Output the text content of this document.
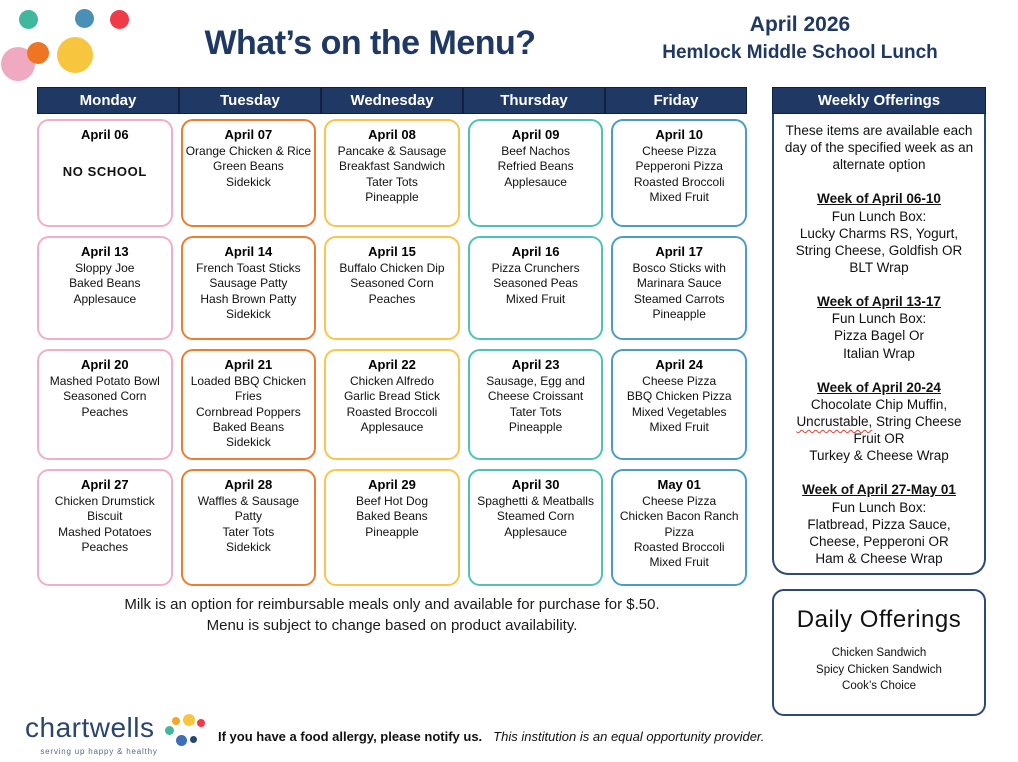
What’s on the Menu?	April 2026
Hemlock Middle School Lunch
Monday	Tuesday	Wednesday	Thursday	Friday
April 06
NO SCHOOL
April 07
Orange Chicken & Rice
Green Beans
Sidekick
April 08
Pancake & Sausage Breakfast Sandwich
Tater Tots
Pineapple
April 09
Beef Nachos
Refried Beans
Applesauce
April 10
Cheese Pizza
Pepperoni Pizza
Roasted Broccoli
Mixed Fruit
April 13
Sloppy Joe
Baked Beans
Applesauce
April 14
French Toast Sticks
Sausage Patty
Hash Brown Patty
Sidekick
April 15
Buffalo Chicken Dip
Seasoned Corn
Peaches
April 16
Pizza Crunchers
Seasoned Peas
Mixed Fruit
April 17
Bosco Sticks with Marinara Sauce
Steamed Carrots
Pineapple
April 20
Mashed Potato Bowl
Seasoned Corn
Peaches
April 21
Loaded BBQ Chicken Fries
Cornbread Poppers
Baked Beans
Sidekick
April 22
Chicken Alfredo
Garlic Bread Stick
Roasted Broccoli
Applesauce
April 23
Sausage, Egg and Cheese Croissant
Tater Tots
Pineapple
April 24
Cheese Pizza
BBQ Chicken Pizza
Mixed Vegetables
Mixed Fruit
April 27
Chicken Drumstick
Biscuit
Mashed Potatoes
Peaches
April 28
Waffles & Sausage Patty
Tater Tots
Sidekick
April 29
Beef Hot Dog
Baked Beans
Pineapple
April 30
Spaghetti & Meatballs
Steamed Corn
Applesauce
May 01
Cheese Pizza
Chicken Bacon Ranch Pizza
Roasted Broccoli
Mixed Fruit
Milk is an option for reimbursable meals only and available for purchase for $.50.
Menu is subject to change based on product availability.
Weekly Offerings
These items are available each day of the specified week as an alternate option
Week of April 06-10
Fun Lunch Box:
Lucky Charms RS, Yogurt,
String Cheese, Goldfish OR
BLT Wrap
Week of April 13-17
Fun Lunch Box:
Pizza Bagel Or
Italian Wrap
Week of April 20-24
Chocolate Chip Muffin,
Uncrustable, String Cheese
Fruit OR
Turkey & Cheese Wrap
Week of April 27-May 01
Fun Lunch Box:
Flatbread, Pizza Sauce,
Cheese, Pepperoni OR
Ham & Cheese Wrap
Daily Offerings
Chicken Sandwich
Spicy Chicken Sandwich
Cook’s Choice
chartwells
serving up happy & healthy
If you have a food allergy, please notify us. This institution is an equal opportunity provider.
